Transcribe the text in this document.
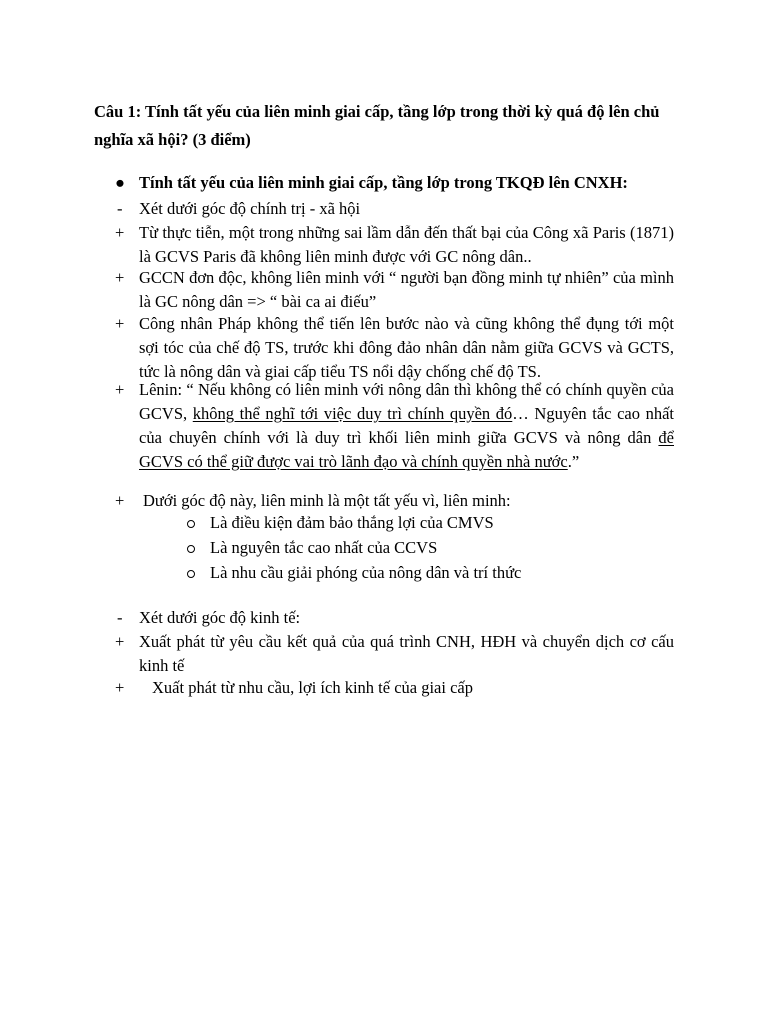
Câu 1: Tính tất yếu của liên minh giai cấp, tầng lớp trong thời kỳ quá độ lên chủ nghĩa xã hội? (3 điểm)

● Tính tất yếu của liên minh giai cấp, tầng lớp trong TKQĐ lên CNXH:

- Xét dưới góc độ chính trị - xã hội

+ Từ thực tiễn, một trong những sai lầm dẫn đến thất bại của Công xã Paris (1871) là GCVS Paris đã không liên minh được với GC nông dân..

+ GCCN đơn độc, không liên minh với “ người bạn đồng minh tự nhiên” của mình là GC nông dân => “ bài ca ai điếu”

+ Công nhân Pháp không thể tiến lên bước nào và cũng không thể đụng tới một sợi tóc của chế độ TS, trước khi đông đảo nhân dân nằm giữa GCVS và GCTS, tức là nông dân và giai cấp tiểu TS nổi dậy chống chế độ TS.

+ Lênin: “ Nếu không có liên minh với nông dân thì không thể có chính quyền của GCVS, không thể nghĩ tới việc duy trì chính quyền đó… Nguyên tắc cao nhất của chuyên chính với là duy trì khối liên minh giữa GCVS và nông dân để GCVS có thể giữ được vai trò lãnh đạo và chính quyền nhà nước.”

+ Dưới góc độ này, liên minh là một tất yếu vì, liên minh:

Là điều kiện đảm bảo thắng lợi của CMVS

Là nguyên tắc cao nhất của CCVS

Là nhu cầu giải phóng của nông dân và trí thức

- Xét dưới góc độ kinh tế:

+ Xuất phát từ yêu cầu kết quả của quá trình CNH, HĐH và chuyển dịch cơ cấu kinh tế

+ Xuất phát từ nhu cầu, lợi ích kinh tế của giai cấp
